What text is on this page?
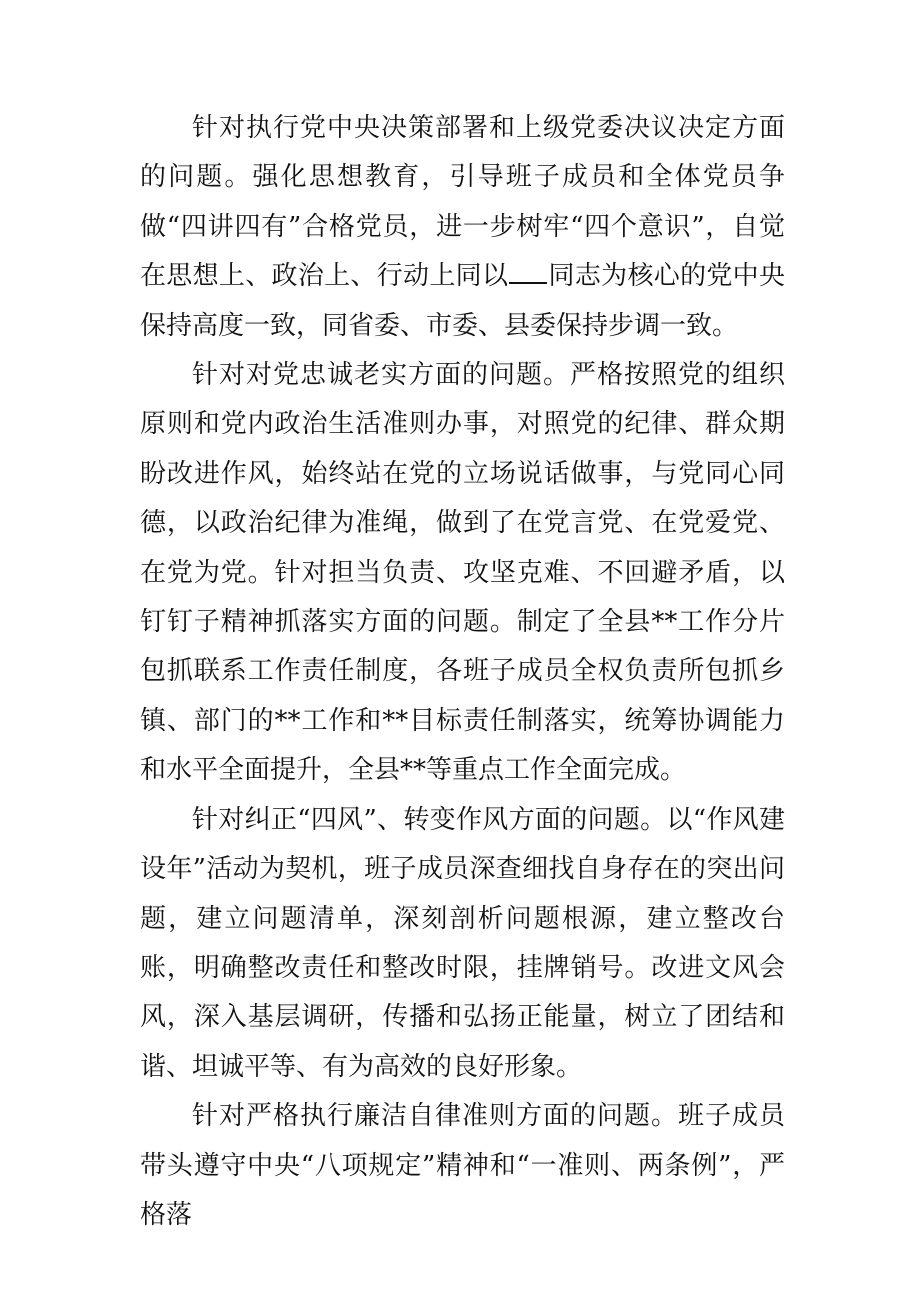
针对执行党中央决策部署和上级党委决议决定方面的问题。强化思想教育，引导班子成员和全体党员争做“四讲四有”合格党员，进一步树牢“四个意识”，自觉在思想上、政治上、行动上同以 同志为核心的党中央保持高度一致，同省委、市委、县委保持步调一致。

针对对党忠诚老实方面的问题。严格按照党的组织原则和党内政治生活准则办事，对照党的纪律、群众期盼改进作风，始终站在党的立场说话做事，与党同心同德，以政治纪律为准绳，做到了在党言党、在党爱党、在党为党。针对担当负责、攻坚克难、不回避矛盾，以钉钉子精神抓落实方面的问题。制定了全县**工作分片包抓联系工作责任制度，各班子成员全权负责所包抓乡镇、部门的**工作和**目标责任制落实，统筹协调能力和水平全面提升，全县**等重点工作全面完成。

针对纠正“四风”、转变作风方面的问题。以“作风建设年”活动为契机，班子成员深查细找自身存在的突出问题，建立问题清单，深刻剖析问题根源，建立整改台账，明确整改责任和整改时限，挂牌销号。改进文风会风，深入基层调研，传播和弘扬正能量，树立了团结和谐、坦诚平等、有为高效的良好形象。

针对严格执行廉洁自律准则方面的问题。班子成员带头遵守中央“八项规定”精神和“一准则、两条例”，严格落
